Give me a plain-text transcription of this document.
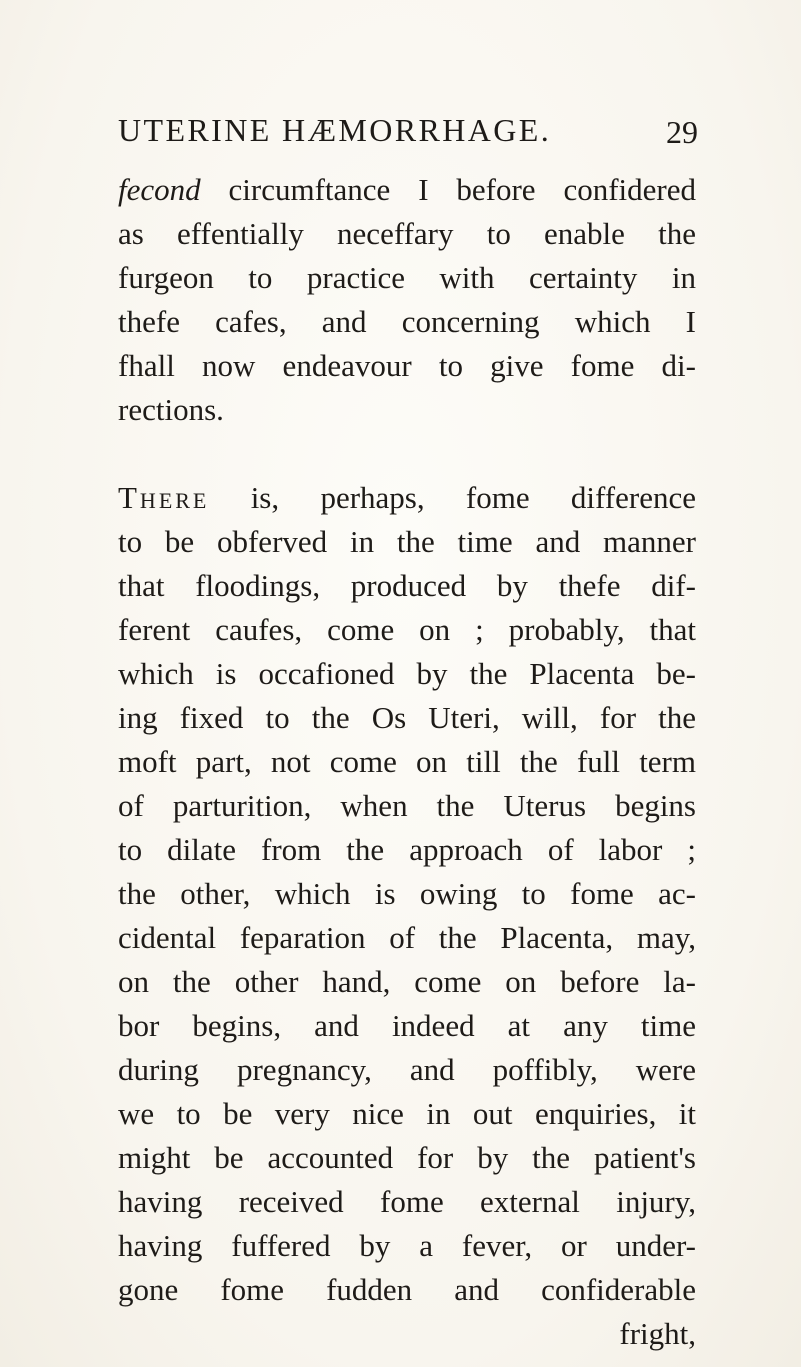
UTERINE HÆMORRHAGE.	29
fecond circumftance I before confidered
as effentially neceffary to enable the
furgeon to practice with certainty in
thefe cafes, and concerning which I
fhall now endeavour to give fome di-
rections.
There is, perhaps, fome difference
to be obferved in the time and manner
that floodings, produced by thefe dif-
ferent caufes, come on ; probably, that
which is occafioned by the Placenta be-
ing fixed to the Os Uteri, will, for the
moft part, not come on till the full term
of parturition, when the Uterus begins
to dilate from the approach of labor ;
the other, which is owing to fome ac-
cidental feparation of the Placenta, may,
on the other hand, come on before la-
bor begins, and indeed at any time
during pregnancy, and poffibly, were
we to be very nice in out enquiries, it
might be accounted for by the patient's
having received fome external injury,
having fuffered by a fever, or under-
gone fome fudden and confiderable
fright,
